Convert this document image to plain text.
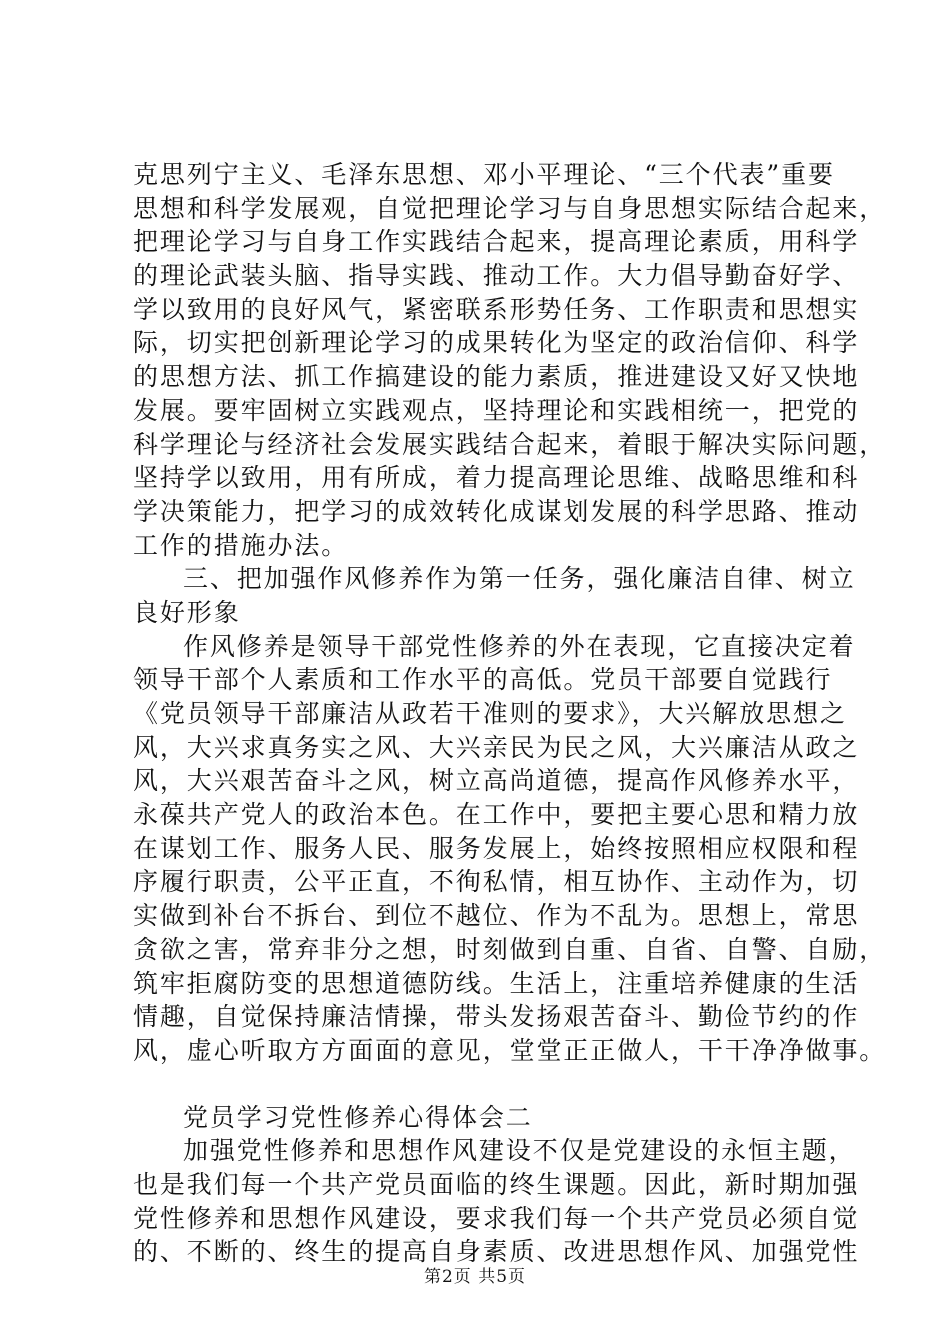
克思列宁主义、毛泽东思想、邓小平理论、“三个代表”重要
思想和科学发展观，自觉把理论学习与自身思想实际结合起来，
把理论学习与自身工作实践结合起来，提高理论素质，用科学
的理论武装头脑、指导实践、推动工作。大力倡导勤奋好学、
学以致用的良好风气，紧密联系形势任务、工作职责和思想实
际，切实把创新理论学习的成果转化为坚定的政治信仰、科学
的思想方法、抓工作搞建设的能力素质，推进建设又好又快地
发展。要牢固树立实践观点，坚持理论和实践相统一，把党的
科学理论与经济社会发展实践结合起来，着眼于解决实际问题，
坚持学以致用，用有所成，着力提高理论思维、战略思维和科
学决策能力，把学习的成效转化成谋划发展的科学思路、推动
工作的措施办法。
三、把加强作风修养作为第一任务，强化廉洁自律、树立
良好形象
作风修养是领导干部党性修养的外在表现，它直接决定着
领导干部个人素质和工作水平的高低。党员干部要自觉践行
《党员领导干部廉洁从政若干准则的要求》，大兴解放思想之
风，大兴求真务实之风、大兴亲民为民之风，大兴廉洁从政之
风，大兴艰苦奋斗之风，树立高尚道德，提高作风修养水平，
永葆共产党人的政治本色。在工作中，要把主要心思和精力放
在谋划工作、服务人民、服务发展上，始终按照相应权限和程
序履行职责，公平正直，不徇私情，相互协作、主动作为，切
实做到补台不拆台、到位不越位、作为不乱为。思想上，常思
贪欲之害，常弃非分之想，时刻做到自重、自省、自警、自励，
筑牢拒腐防变的思想道德防线。生活上，注重培养健康的生活
情趣，自觉保持廉洁情操，带头发扬艰苦奋斗、勤俭节约的作
风，虚心听取方方面面的意见，堂堂正正做人，干干净净做事。
党员学习党性修养心得体会二
加强党性修养和思想作风建设不仅是党建设的永恒主题，
也是我们每一个共产党员面临的终生课题。因此，新时期加强
党性修养和思想作风建设，要求我们每一个共产党员必须自觉
的、不断的、终生的提高自身素质、改进思想作风、加强党性
第2页 共5页
